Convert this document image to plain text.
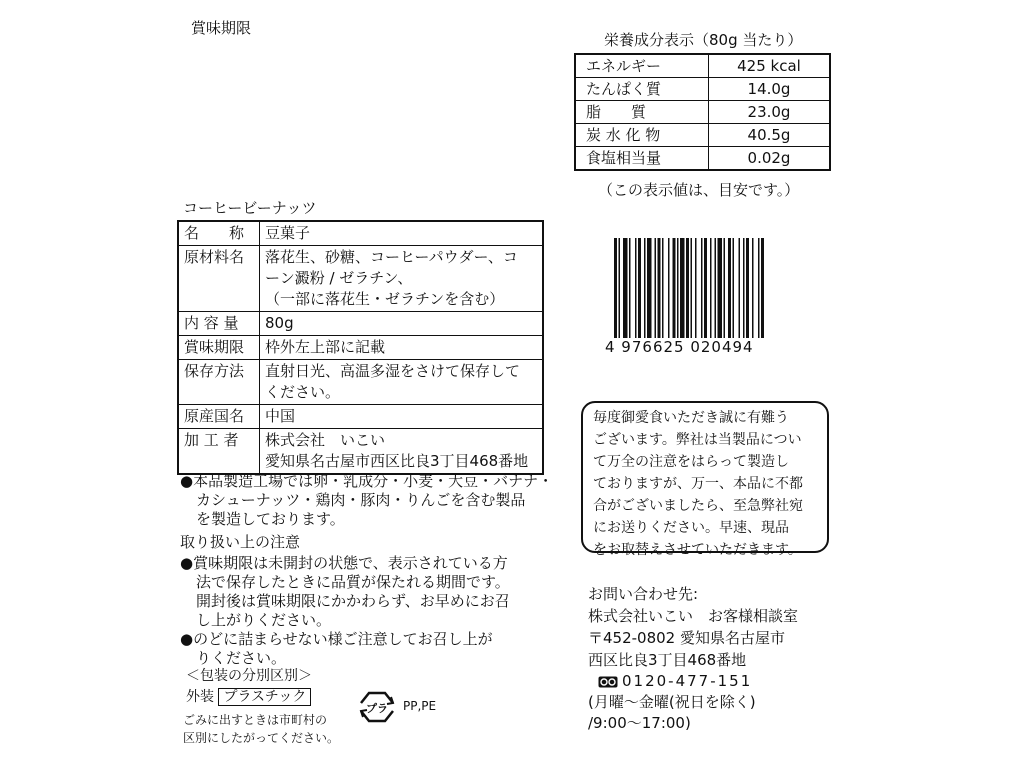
賞味期限
栄養成分表示（80g 当たり）
エネルギー	425 kcal
たんぱく質	14.0g
脂　　質	23.0g
炭 水 化 物	40.5g
食塩相当量	0.02g
（この表示値は、目安です。）
コーヒービーナッツ
名　　称	豆菓子
原材料名	落花生、砂糖、コーヒーパウダー、コ
ーン澱粉 / ゼラチン、
（一部に落花生・ゼラチンを含む）
内 容 量	80g
賞味期限	枠外左上部に記載
保存方法	直射日光、高温多湿をさけて保存して
ください。
原産国名	中国
加 工 者	株式会社　いこい
愛知県名古屋市西区比良3丁目468番地
●本品製造工場では卵・乳成分・小麦・大豆・バナナ・
カシューナッツ・鶏肉・豚肉・りんごを含む製品
を製造しております。
取り扱い上の注意
●賞味期限は未開封の状態で、表示されている方
法で保存したときに品質が保たれる期間です。
開封後は賞味期限にかかわらず、お早めにお召
し上がりください。
●のどに詰まらせない様ご注意してお召し上が
りください。
＜包装の分別区別＞
外装 プラスチック
ごみに出すときは市町村の
区別にしたがってください。
プラ PP,PE
4 976625 020494
毎度御愛食いただき誠に有難う
ございます。弊社は当製品につい
て万全の注意をはらって製造し
ておりますが、万一、本品に不都
合がございましたら、至急弊社宛
にお送りください。早速、現品
をお取替えさせていただきます。
お問い合わせ先:
株式会社いこい　お客様相談室
〒452-0802 愛知県名古屋市
西区比良3丁目468番地
0120-477-151
(月曜～金曜(祝日を除く)
/9:00～17:00)
